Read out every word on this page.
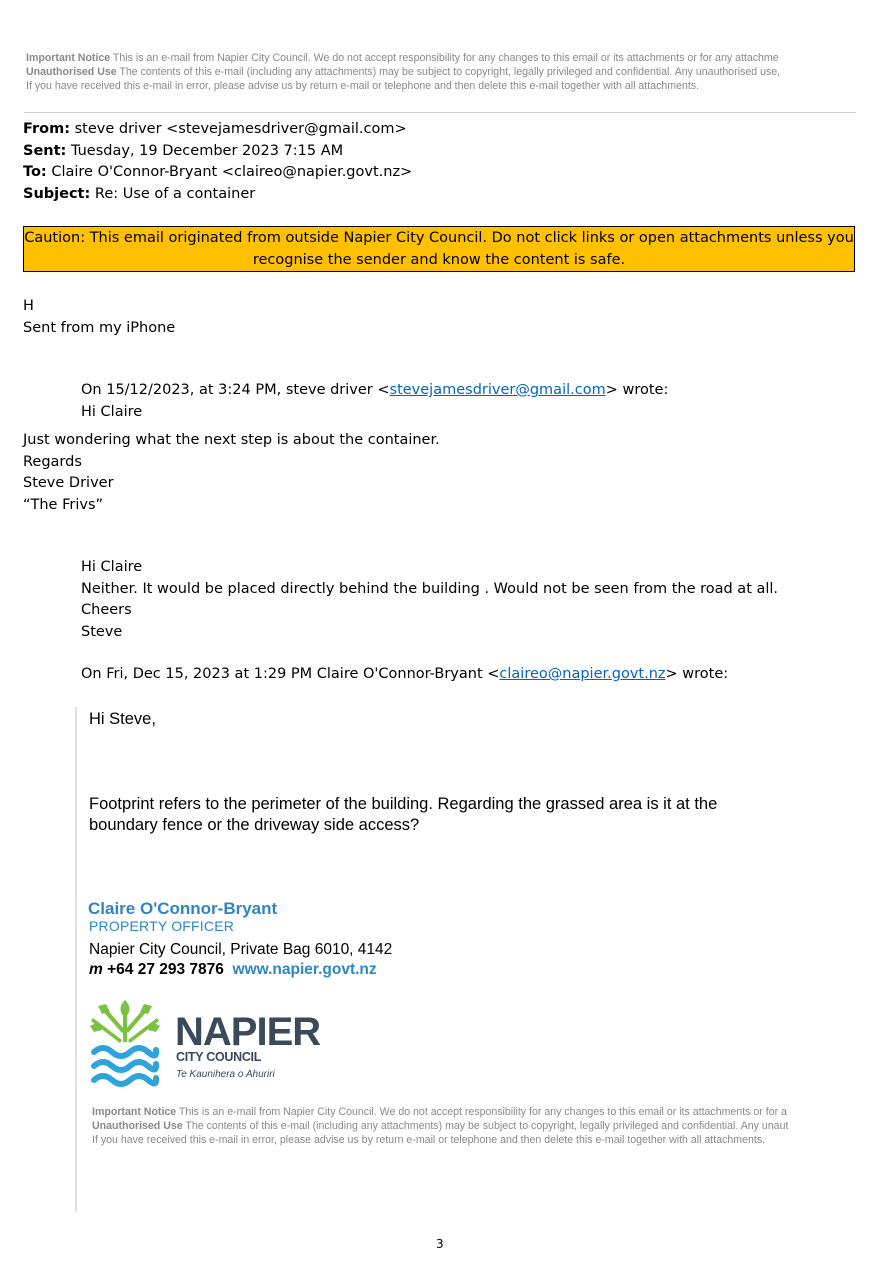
Important Notice This is an e-mail from Napier City Council. We do not accept responsibility for any changes to this email or its attachments or for any attachme
Unauthorised Use The contents of this e-mail (including any attachments) may be subject to copyright, legally privileged and confidential. Any unauthorised use,
If you have received this e-mail in error, please advise us by return e-mail or telephone and then delete this e-mail together with all attachments.
From: steve driver <stevejamesdriver@gmail.com>
Sent: Tuesday, 19 December 2023 7:15 AM
To: Claire O'Connor-Bryant <claireo@napier.govt.nz>
Subject: Re: Use of a container
Caution: This email originated from outside Napier City Council. Do not click links or open attachments unless you
recognise the sender and know the content is safe.
H
Sent from my iPhone
On 15/12/2023, at 3:24 PM, steve driver <stevejamesdriver@gmail.com> wrote:
Hi Claire
Just wondering what the next step is about the container.
Regards
Steve Driver
“The Frivs”
Hi Claire
Neither. It would be placed directly behind the building . Would not be seen from the road at all.
Cheers
Steve
On Fri, Dec 15, 2023 at 1:29 PM Claire O'Connor-Bryant <claireo@napier.govt.nz> wrote:
Hi Steve,
Footprint refers to the perimeter of the building. Regarding the grassed area is it at the
boundary fence or the driveway side access?
Claire O'Connor-Bryant
PROPERTY OFFICER
Napier City Council, Private Bag 6010, 4142
m +64 27 293 7876 www.napier.govt.nz
NAPIER
CITY COUNCIL
Te Kaunihera o Ahuriri
Important Notice This is an e-mail from Napier City Council. We do not accept responsibility for any changes to this email or its attachments or for a
Unauthorised Use The contents of this e-mail (including any attachments) may be subject to copyright, legally privileged and confidential. Any unaut
If you have received this e-mail in error, please advise us by return e-mail or telephone and then delete this e-mail together with all attachments.
3
